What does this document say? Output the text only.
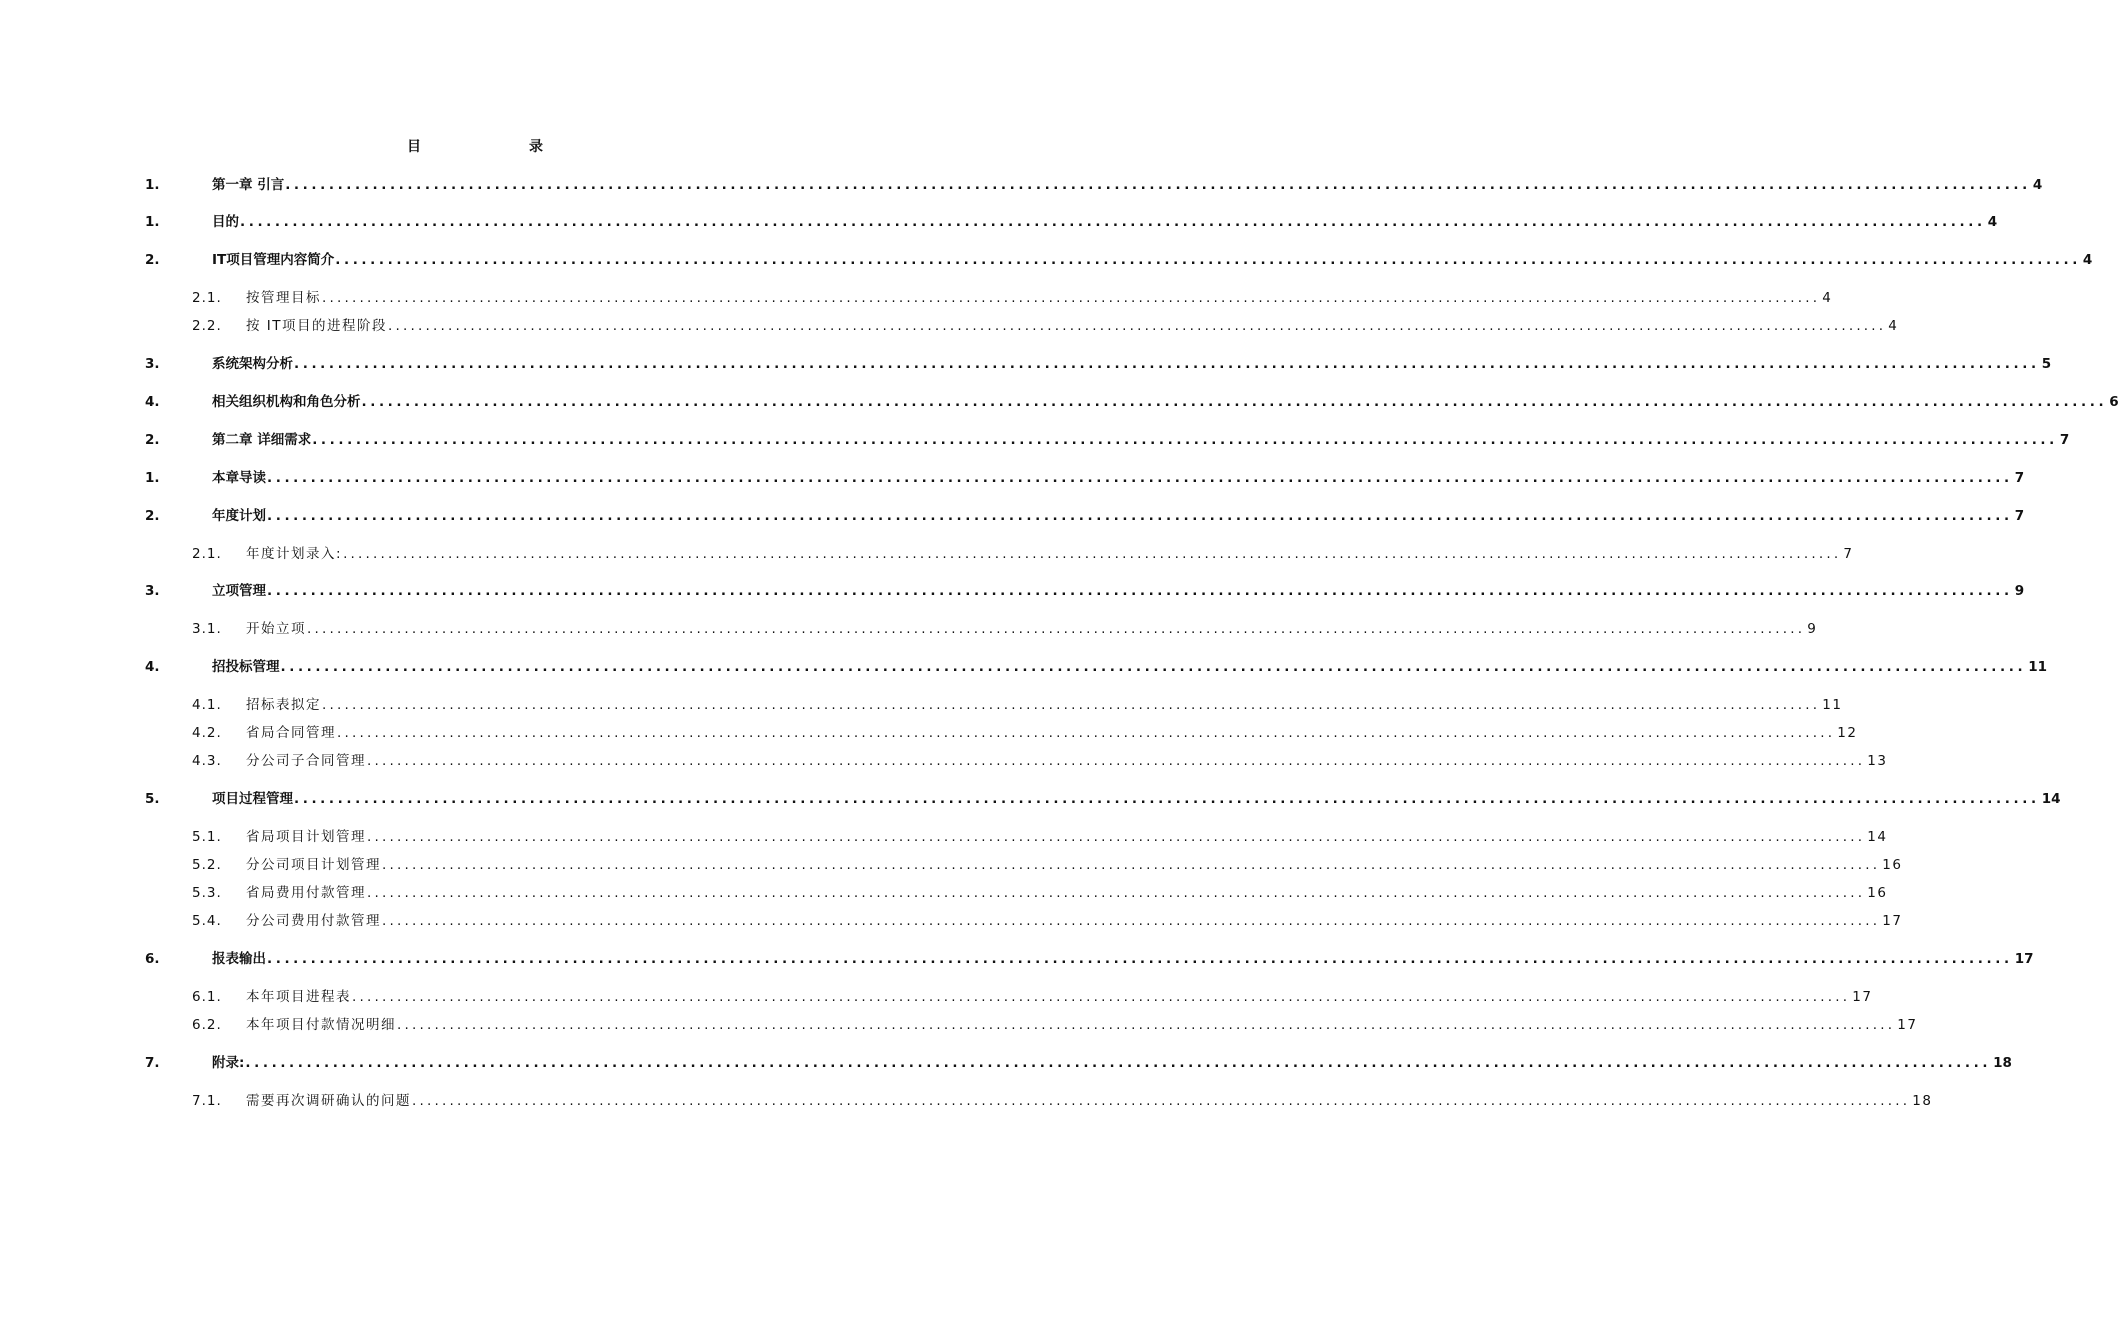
目	录
1.	第一章 引言 ........................................................................................................................................................................................................ 4
1.	目的 ........................................................................................................................................................................................................ 4
2.	IT项目管理内容简介 ........................................................................................................................................................................................................ 4
2.1. 按管理目标 ........................................................................................................................................................................................................ 4
2.2. 按 IT项目的进程阶段 ........................................................................................................................................................................................................ 4
3.	系统架构分析 ........................................................................................................................................................................................................ 5
4.	相关组织机构和角色分析 ........................................................................................................................................................................................................ 6
2.	第二章 详细需求 ........................................................................................................................................................................................................ 7
1.	本章导读 ........................................................................................................................................................................................................ 7
2.	年度计划 ........................................................................................................................................................................................................ 7
2.1. 年度计划录入: ........................................................................................................................................................................................................ 7
3.	立项管理 ........................................................................................................................................................................................................ 9
3.1. 开始立项 ........................................................................................................................................................................................................ 9
4.	招投标管理 ........................................................................................................................................................................................................ 11
4.1. 招标表拟定 ........................................................................................................................................................................................................ 11
4.2. 省局合同管理 ........................................................................................................................................................................................................ 12
4.3. 分公司子合同管理 ........................................................................................................................................................................................................ 13
5.	项目过程管理 ........................................................................................................................................................................................................ 14
5.1. 省局项目计划管理 ........................................................................................................................................................................................................ 14
5.2. 分公司项目计划管理 ........................................................................................................................................................................................................ 16
5.3. 省局费用付款管理 ........................................................................................................................................................................................................ 16
5.4. 分公司费用付款管理 ........................................................................................................................................................................................................ 17
6.	报表输出 ........................................................................................................................................................................................................ 17
6.1. 本年项目进程表 ........................................................................................................................................................................................................ 17
6.2. 本年项目付款情况明细 ........................................................................................................................................................................................................ 17
7.	附录: ........................................................................................................................................................................................................ 18
7.1. 需要再次调研确认的问题 ........................................................................................................................................................................................................ 18
